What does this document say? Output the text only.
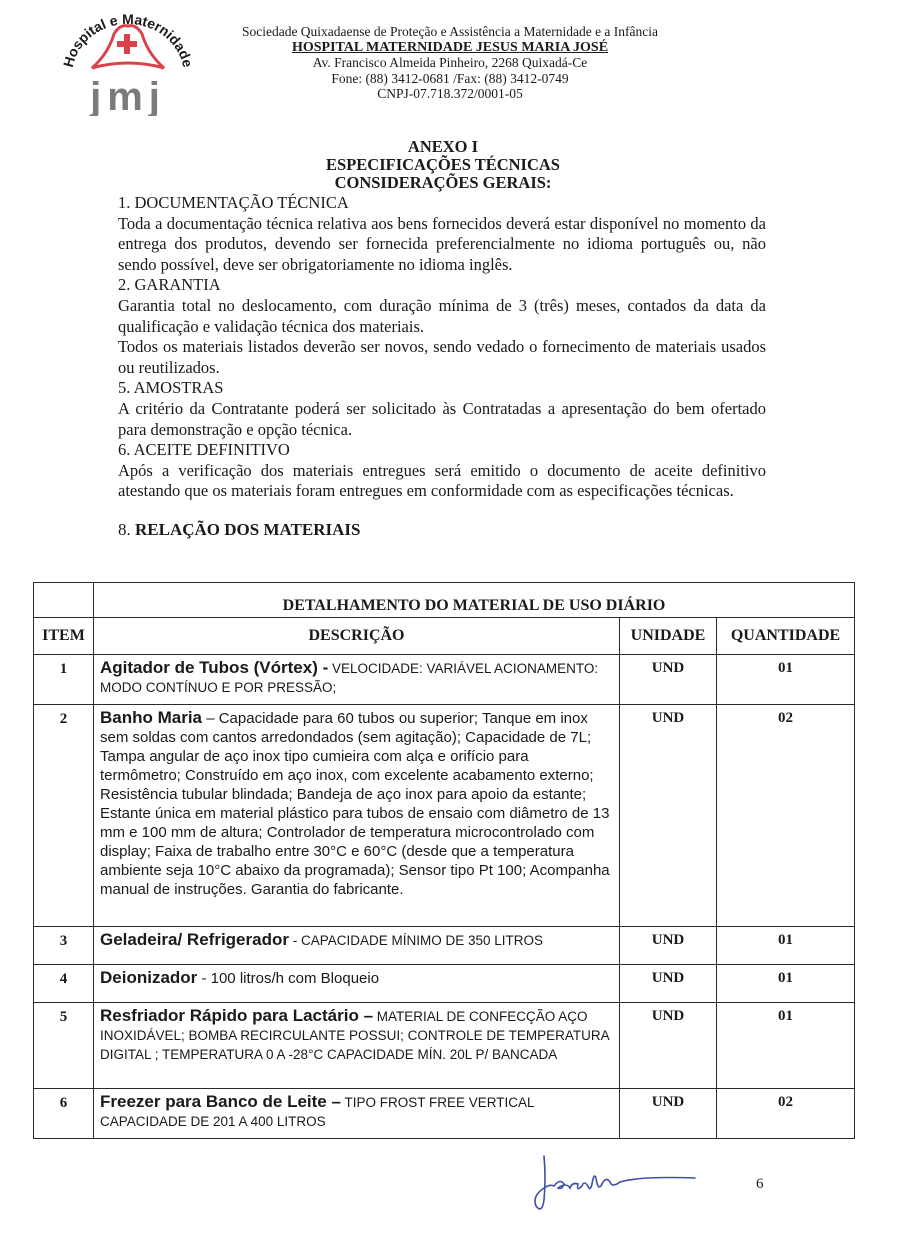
Hospital e Maternidade
jmj
Sociedade Quixadaense de Proteção e Assistência a Maternidade e a Infância
HOSPITAL MATERNIDADE JESUS MARIA JOSÉ
Av. Francisco Almeida Pinheiro, 2268 Quixadá-Ce
Fone: (88) 3412-0681 /Fax: (88) 3412-0749
CNPJ-07.718.372/0001-05
ANEXO I
ESPECIFICAÇÕES TÉCNICAS
CONSIDERAÇÕES GERAIS:
1. DOCUMENTAÇÃO TÉCNICA
Toda a documentação técnica relativa aos bens fornecidos deverá estar disponível no momento da entrega dos produtos, devendo ser fornecida preferencialmente no idioma português ou, não sendo possível, deve ser obrigatoriamente no idioma inglês.
2. GARANTIA
Garantia total no deslocamento, com duração mínima de 3 (três) meses, contados da data da qualificação e validação técnica dos materiais.
Todos os materiais listados deverão ser novos, sendo vedado o fornecimento de materiais usados ou reutilizados.
5. AMOSTRAS
A critério da Contratante poderá ser solicitado às Contratadas a apresentação do bem ofertado para demonstração e opção técnica.
6. ACEITE DEFINITIVO
Após a verificação dos materiais entregues será emitido o documento de aceite definitivo atestando que os materiais foram entregues em conformidade com as especificações técnicas.
8. RELAÇÃO DOS MATERIAIS
	DETALHAMENTO DO MATERIAL DE USO DIÁRIO		
ITEM	DESCRIÇÃO	UNIDADE	QUANTIDADE
1	Agitador de Tubos (Vórtex) - VELOCIDADE: VARIÁVEL ACIONAMENTO: MODO CONTÍNUO E POR PRESSÃO;	UND	01
2	Banho Maria – Capacidade para 60 tubos ou superior; Tanque em inox sem soldas com cantos arredondados (sem agitação); Capacidade de 7L; Tampa angular de aço inox tipo cumieira com alça e orifício para termômetro; Construído em aço inox, com excelente acabamento externo; Resistência tubular blindada; Bandeja de aço inox para apoio da estante; Estante única em material plástico para tubos de ensaio com diâmetro de 13 mm e 100 mm de altura; Controlador de temperatura microcontrolado com display; Faixa de trabalho entre 30°C e 60°C (desde que a temperatura ambiente seja 10°C abaixo da programada); Sensor tipo Pt 100; Acompanha manual de instruções. Garantia do fabricante.	UND	02
3	Geladeira/ Refrigerador - CAPACIDADE MÍNIMO DE 350 LITROS	UND	01
4	Deionizador - 100 litros/h com Bloqueio	UND	01
5	Resfriador Rápido para Lactário – MATERIAL DE CONFECÇÃO AÇO INOXIDÁVEL; BOMBA RECIRCULANTE POSSUI; CONTROLE DE TEMPERATURA DIGITAL ; TEMPERATURA 0 A -28°C CAPACIDADE MÍN. 20L P/ BANCADA	UND	01
6	Freezer para Banco de Leite – TIPO FROST FREE VERTICAL CAPACIDADE DE 201 A 400 LITROS	UND	02
6
